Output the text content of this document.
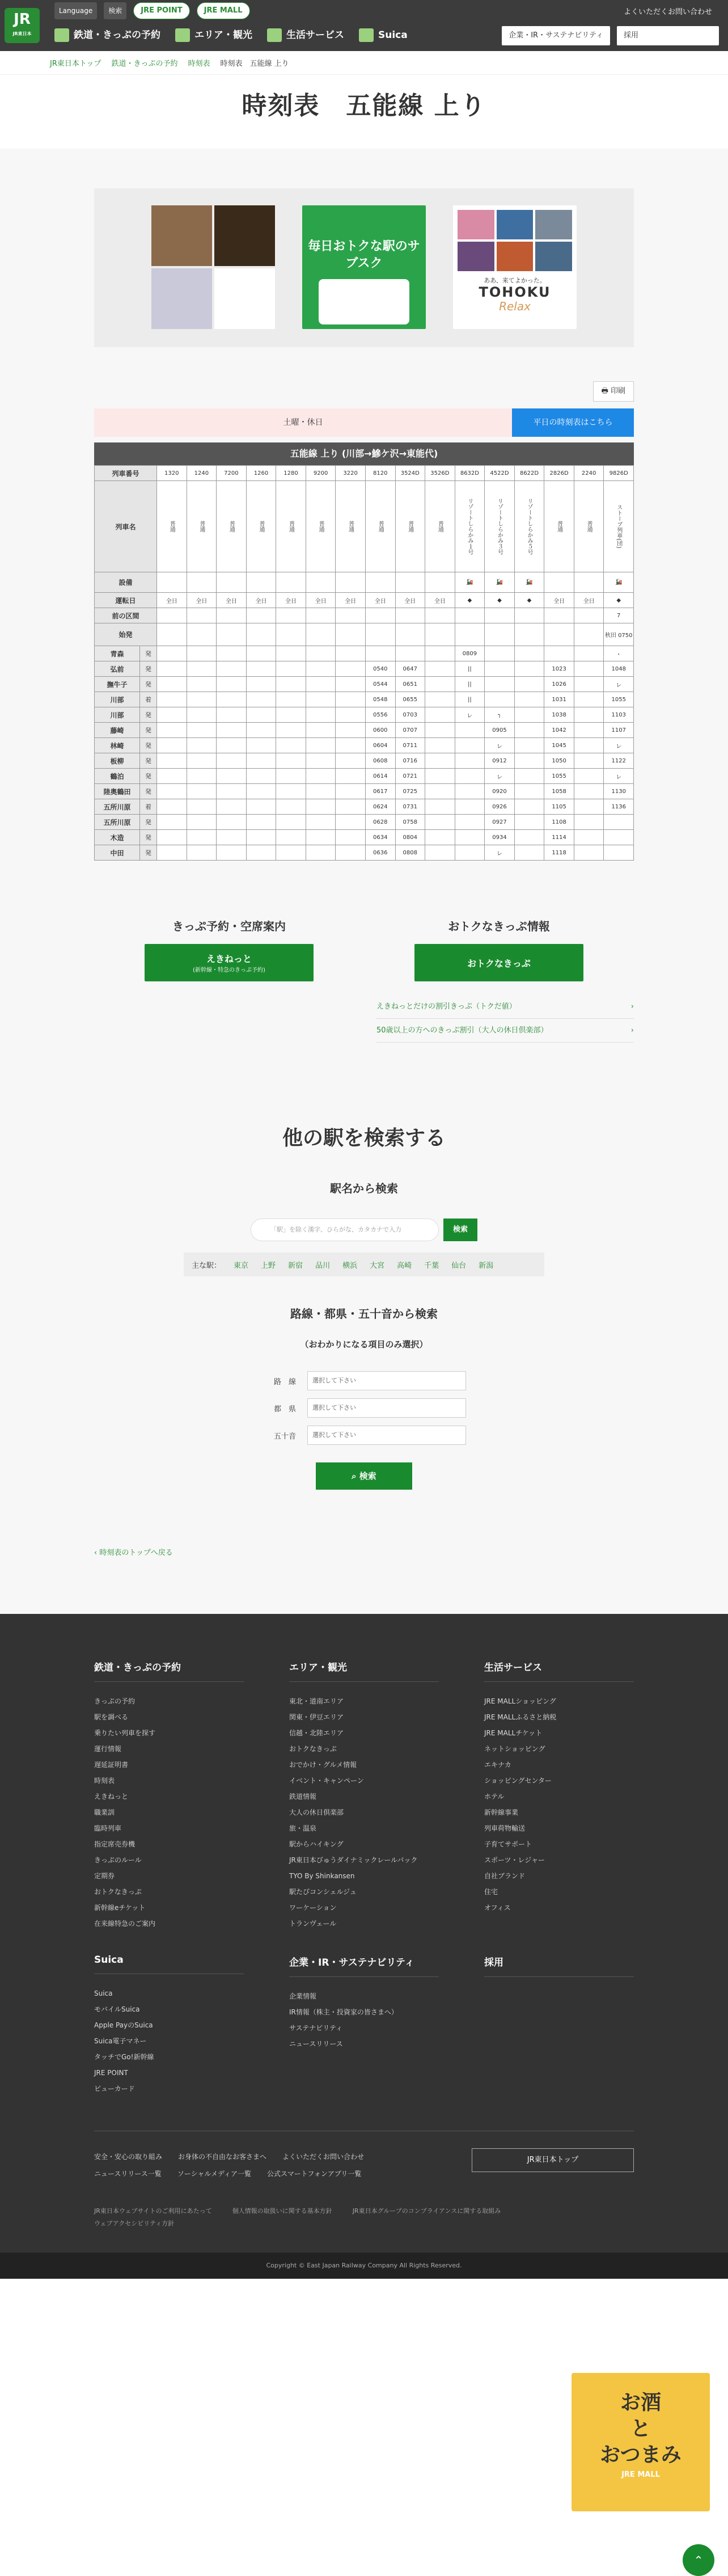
JR
JR東日本
Language	検索	JRE POINT	JRE MALL
鉄道・きっぷの予約	エリア・観光	生活サービス	Suica
よくいただくお問い合わせ
企業・IR・サステナビリティ	採用
JR東日本トップ 鉄道・きっぷの予約 時刻表 時刻表　五能線 上り
時刻表　五能線 上り
毎日おトクな駅のサブスク
ああ、来てよかった。
TOHOKU
Relax
🖶 印刷
土曜・休日	平日の時刻表はこちら
五能線 上り (川部→鰺ケ沢→東能代)
列車番号		1320	1240	7200	1260	1280	9200	3220	8120	3524D	3526D	8632D	4522D	8622D	2826D	2240	9826D
列車名		普通	普通	普通	普通	普通	普通	普通	普通	普通	普通	リゾートしらかみ１号	リゾートしらかみ３号	リゾートしらかみ５号	普通	普通	ストーブ列車(団)

設備												🚂	🚂	🚂			🚂
運転日		全日	全日	全日	全日	全日	全日	全日	全日	全日	全日	◆	◆	◆	全日	全日	◆
前の区間																	7
始発																	秋田 0750
青森	発											0809					・
弘前	発								0540	0647		||			1023		1048
撫牛子	発								0544	0651		||			1026		レ
川部	着								0548	0655		||			1031		1055
川部	発								0556	0703		レ	┐		1038		1103
藤崎	発								0600	0707			0905		1042		1107
林崎	発								0604	0711			レ		1045		レ
板柳	発								0608	0716			0912		1050		1122
鶴泊	発								0614	0721			レ		1055		レ
陸奥鶴田	発								0617	0725			0920		1058		1130
五所川原	着								0624	0731			0926		1105		1136
五所川原	発								0628	0758			0927		1108		
木造	発								0634	0804			0934		1114		
中田	発								0636	0808			レ		1118		
きっぷ予約・空席案内
えきねっと
(新幹線・特急のきっぷ予約)
おトクなきっぷ情報
おトクなきっぷ
えきねっとだけの割引きっぷ（トクだ値）	›
50歳以上の方へのきっぷ割引（大人の休日倶楽部）	›
他の駅を検索する
駅名から検索
「駅」を除く漢字、ひらがな、カタカナで入力	検索
主な駅： 東京 上野 新宿 品川 横浜 大宮 高崎 千葉 仙台 新潟
路線・都県・五十音から検索
（おわかりになる項目のみ選択）
路　線	選択して下さい
都　県	選択して下さい
五十音	選択して下さい
⌕ 検索
‹ 時刻表のトップへ戻る
鉄道・きっぷの予約
きっぷの予約
駅を調べる
乗りたい列車を探す
運行情報
遅延証明書
時刻表
えきねっと
職業訓
臨時列車
指定席売券機
きっぷのルール
定期券
おトクなきっぷ
新幹線eチケット
在来線特急のご案内
エリア・観光
東北・道南エリア
関東・伊豆エリア
信越・北陸エリア
おトクなきっぷ
おでかけ・グルメ情報
イベント・キャンペーン
鉄道情報
大人の休日倶楽部
旅・温泉
駅からハイキング
JR東日本びゅうダイナミックレールパック
TYO By Shinkansen
駅たびコンシェルジュ
ワーケーション
トランヴェール
生活サービス
JRE MALLショッピング
JRE MALLふるさと納税
JRE MALLチケット
ネットショッピング
エキナカ
ショッピングセンター
ホテル
新幹線事業
列車荷物輸送
子育てサポート
スポーツ・レジャー
自社ブランド
住宅
オフィス
Suica
Suica
モバイルSuica
Apple PayのSuica
Suica電子マネー
タッチでGo!新幹線
JRE POINT
ビューカード
企業・IR・サステナビリティ
企業情報
IR情報（株主・投資家の皆さまへ）
サステナビリティ
ニュースリリース
採用
安全・安心の取り組み お身体の不自由なお客さまへ よくいただくお問い合わせ
ニュースリリース一覧 ソーシャルメディア一覧 公式スマートフォンアプリ一覧
JR東日本トップ
JR東日本ウェブサイトのご利用にあたって	個人情報の取扱いに関する基本方針	JR東日本グループのコンプライアンスに関する取組み
ウェブアクセシビリティ方針
お酒
と
おつまみ
JRE MALL
⌃
Copyright © East Japan Railway Company All Rights Reserved.
